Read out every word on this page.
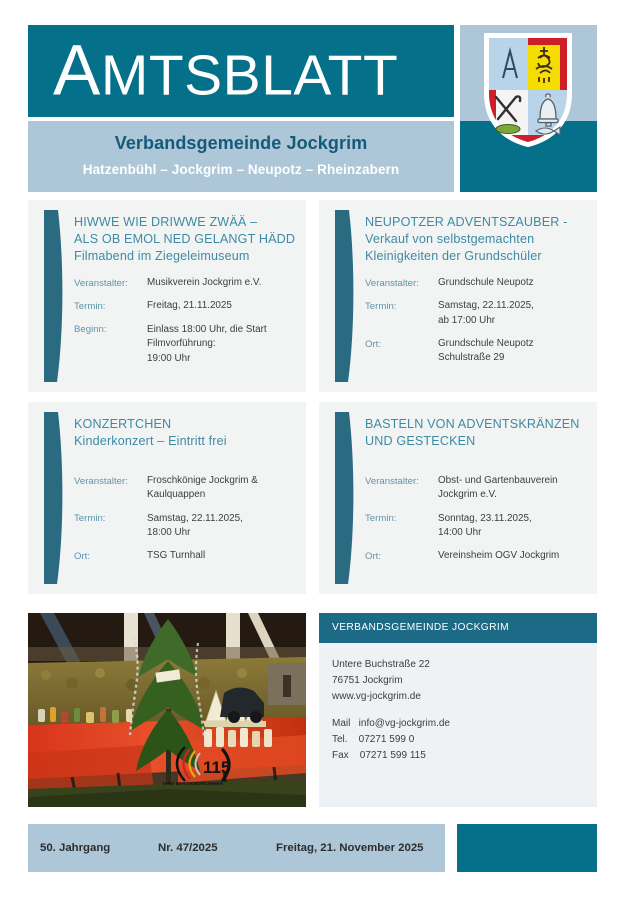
AMTSBLATT
Verbandsgemeinde Jockgrim
Hatzenbühl – Jockgrim – Neupotz – Rheinzabern
HIWWE WIE DRIWWE ZWÄÄ –
ALS OB EMOL NED GELANGT HÄDD
Filmabend im Ziegeleimuseum
Veranstalter:	Musikverein Jockgrim e.V.
Termin:	Freitag, 21.11.2025
Beginn:	Einlass 18:00 Uhr, die Start
Filmvorführung:
19:00 Uhr
NEUPOTZER ADVENTSZAUBER -
Verkauf von selbstgemachten
Kleinigkeiten der Grundschüler
Veranstalter:	Grundschule Neupotz
Termin:	Samstag, 22.11.2025,
ab 17:00 Uhr
Ort:	Grundschule Neupotz
Schulstraße 29
KONZERTCHEN
Kinderkonzert – Eintritt frei
Veranstalter:	Froschkönige Jockgrim &
Kaulquappen
Termin:	Samstag, 22.11.2025,
18:00 Uhr
Ort:	TSG Turnhall
BASTELN VON ADVENTSKRÄNZEN
UND GESTECKEN
Veranstalter:	Obst- und Gartenbauverein
Jockgrim e.V.
Termin:	Sonntag, 23.11.2025,
14:00 Uhr
Ort:	Vereinsheim OGV Jockgrim
VERBANDSGEMEINDE JOCKGRIM
Untere Buchstraße 22
76751 Jockgrim
www.vg-jockgrim.de
Mail   info@vg-jockgrim.de
Tel.    07271 599 0
Fax    07271 599 115
115
IHRE BEHÖRDENNUMMER
50. Jahrgang	Nr. 47/2025	Freitag, 21. November 2025
